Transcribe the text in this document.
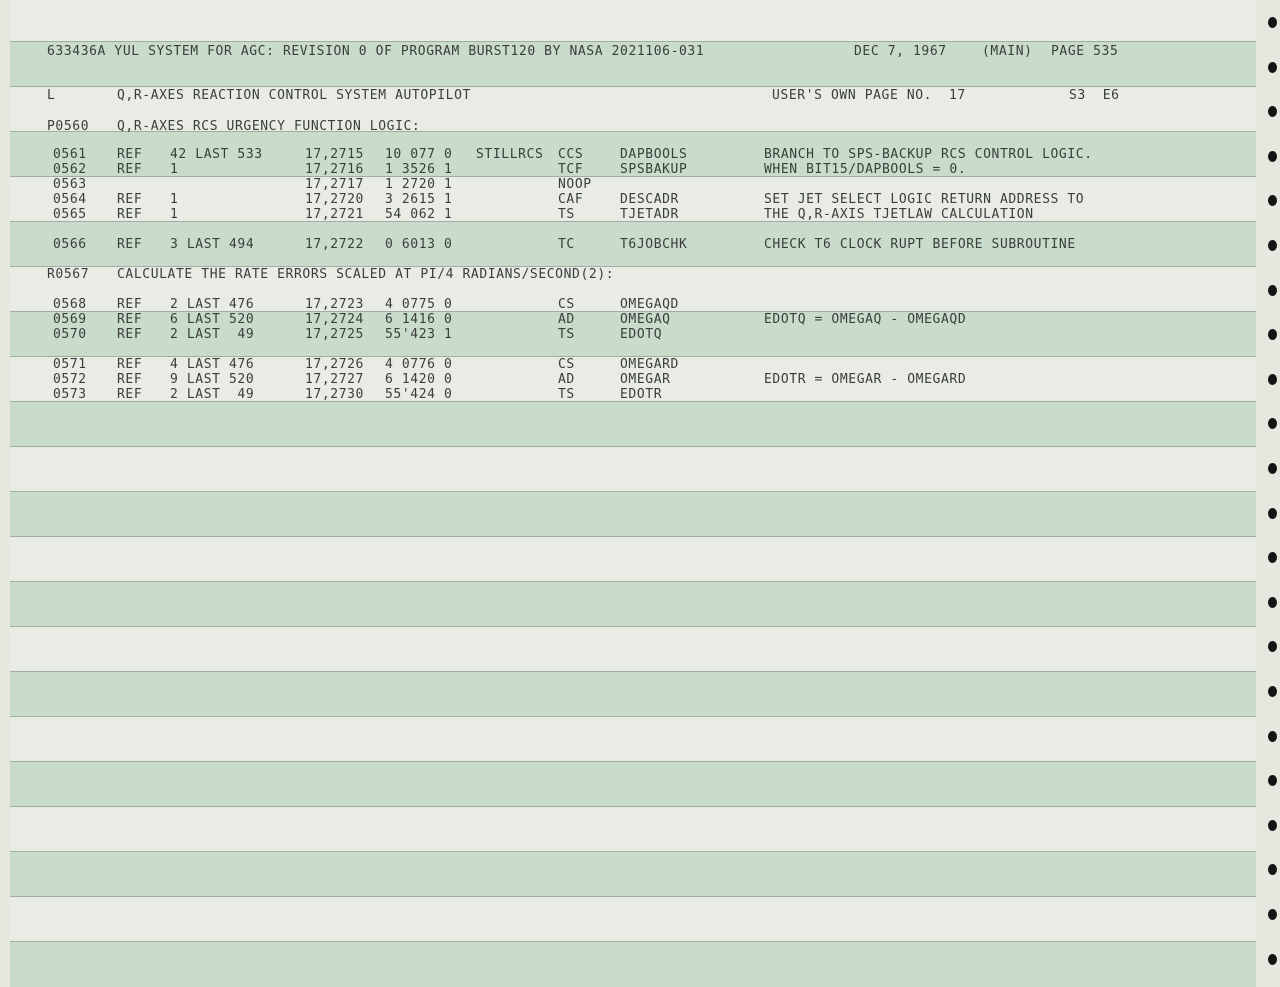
633436A YUL SYSTEM FOR AGC: REVISION 0 OF PROGRAM BURST120 BY NASA 2021106-031	DEC 7, 1967	(MAIN) PAGE 535
L	Q,R-AXES REACTION CONTROL SYSTEM AUTOPILOT	USER'S OWN PAGE NO.  17	S3  E6
P0560 Q,R-AXES RCS URGENCY FUNCTION LOGIC:
R0567 CALCULATE THE RATE ERRORS SCALED AT PI/4 RADIANS/SECOND(2):
0561 REF 42 LAST 533	17,2715 10 077 0 STILLRCS CCS	DAPBOOLS	BRANCH TO SPS-BACKUP RCS CONTROL LOGIC.
0562 REF 1	17,2716 1 3526 1	TCF	SPSBAKUP	WHEN BIT15/DAPBOOLS = 0.
0563	17,2717 1 2720 1	NOOP
0564 REF 1	17,2720 3 2615 1	CAF	DESCADR	SET JET SELECT LOGIC RETURN ADDRESS TO
0565 REF 1	17,2721 54 062 1	TS	TJETADR	THE Q,R-AXIS TJETLAW CALCULATION
0566 REF 3 LAST 494	17,2722 0 6013 0	TC	T6JOBCHK	CHECK T6 CLOCK RUPT BEFORE SUBROUTINE
0568 REF 2 LAST 476	17,2723 4 0775 0	CS	OMEGAQD
0569 REF 6 LAST 520	17,2724 6 1416 0	AD	OMEGAQ	EDOTQ = OMEGAQ - OMEGAQD
0570 REF 2 LAST  49	17,2725 55'423 1	TS	EDOTQ
0571 REF 4 LAST 476	17,2726 4 0776 0	CS	OMEGARD
0572 REF 9 LAST 520	17,2727 6 1420 0	AD	OMEGAR	EDOTR = OMEGAR - OMEGARD
0573 REF 2 LAST  49	17,2730 55'424 0	TS	EDOTR
